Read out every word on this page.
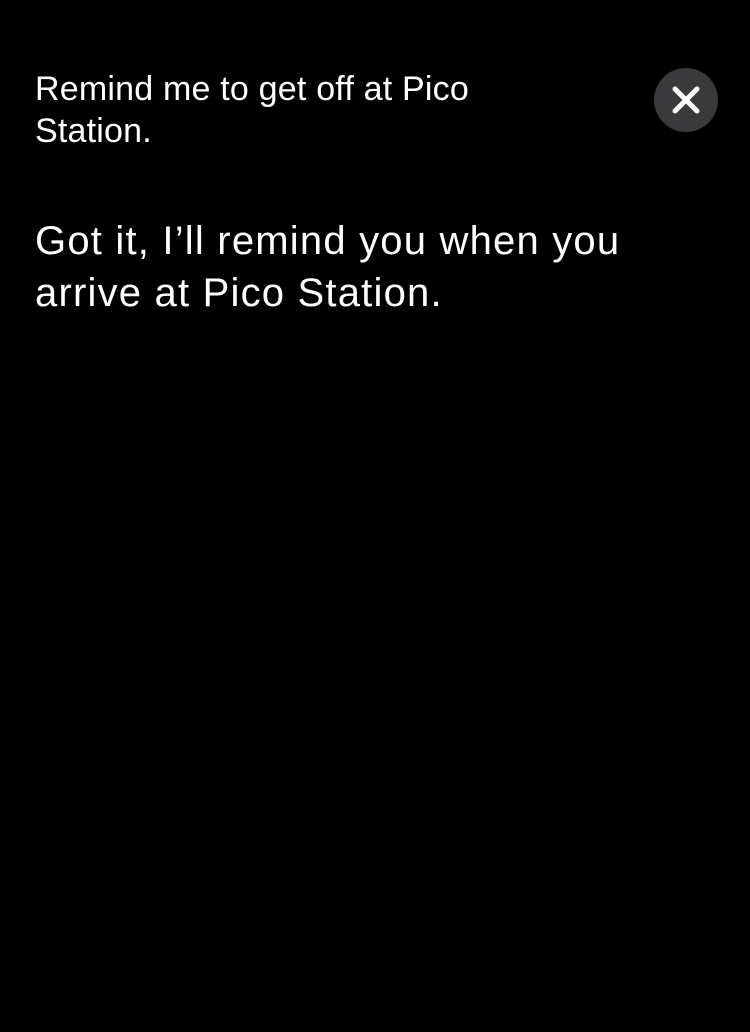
Remind me to get off at Pico Station.
Got it, I’ll remind you when you arrive at Pico Station.
